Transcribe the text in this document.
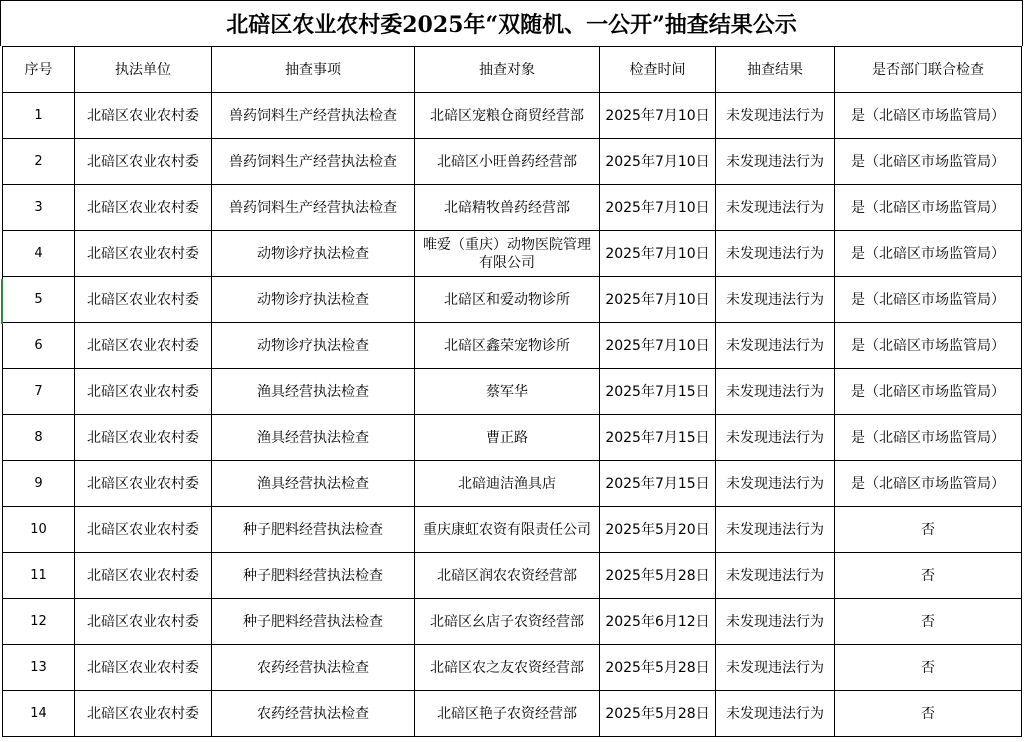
北碚区农业农村委2025年“双随机、一公开”抽查结果公示
序号	执法单位	抽查事项	抽查对象	检查时间	抽查结果	是否部门联合检查
1	北碚区农业农村委	兽药饲料生产经营执法检查	北碚区宠粮仓商贸经营部	2025年7月10日	未发现违法行为	是（北碚区市场监管局）
2	北碚区农业农村委	兽药饲料生产经营执法检查	北碚区小旺兽药经营部	2025年7月10日	未发现违法行为	是（北碚区市场监管局）
3	北碚区农业农村委	兽药饲料生产经营执法检查	北碚精牧兽药经营部	2025年7月10日	未发现违法行为	是（北碚区市场监管局）
4	北碚区农业农村委	动物诊疗执法检查	唯爱（重庆）动物医院管理有限公司	2025年7月10日	未发现违法行为	是（北碚区市场监管局）
5	北碚区农业农村委	动物诊疗执法检查	北碚区和爱动物诊所	2025年7月10日	未发现违法行为	是（北碚区市场监管局）
6	北碚区农业农村委	动物诊疗执法检查	北碚区鑫荣宠物诊所	2025年7月10日	未发现违法行为	是（北碚区市场监管局）
7	北碚区农业农村委	渔具经营执法检查	蔡军华	2025年7月15日	未发现违法行为	是（北碚区市场监管局）
8	北碚区农业农村委	渔具经营执法检查	曹正路	2025年7月15日	未发现违法行为	是（北碚区市场监管局）
9	北碚区农业农村委	渔具经营执法检查	北碚迪洁渔具店	2025年7月15日	未发现违法行为	是（北碚区市场监管局）
10	北碚区农业农村委	种子肥料经营执法检查	重庆康虹农资有限责任公司	2025年5月20日	未发现违法行为	否
11	北碚区农业农村委	种子肥料经营执法检查	北碚区润农农资经营部	2025年5月28日	未发现违法行为	否
12	北碚区农业农村委	种子肥料经营执法检查	北碚区幺店子农资经营部	2025年6月12日	未发现违法行为	否
13	北碚区农业农村委	农药经营执法检查	北碚区农之友农资经营部	2025年5月28日	未发现违法行为	否
14	北碚区农业农村委	农药经营执法检查	北碚区艳子农资经营部	2025年5月28日	未发现违法行为	否
